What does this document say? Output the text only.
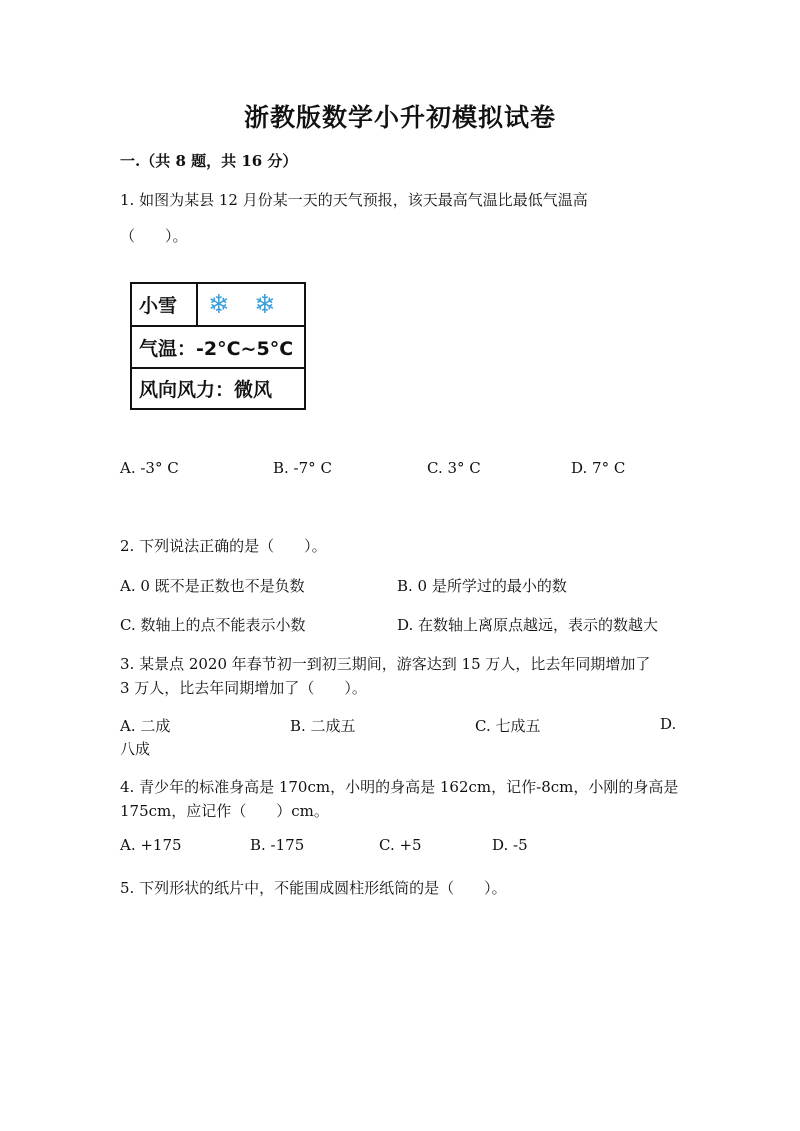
浙教版数学小升初模拟试卷
一.（共 8 题，共 16 分）
1. 如图为某县 12 月份某一天的天气预报，该天最高气温比最低气温高
（　　）。
小雪 ❄ ❄
气温：-2°C~5°C
风向风力：微风
A. -3° C	B. -7° C	C. 3° C	D. 7° C
2. 下列说法正确的是（　　）。
A. 0 既不是正数也不是负数	B. 0 是所学过的最小的数
C. 数轴上的点不能表示小数	D. 在数轴上离原点越远，表示的数越大
3. 某景点 2020 年春节初一到初三期间，游客达到 15 万人，比去年同期增加了
3 万人，比去年同期增加了（　　）。
A. 二成	B. 二成五	C. 七成五	D.
八成
4. 青少年的标准身高是 170cm，小明的身高是 162cm，记作-8cm，小刚的身高是
175cm，应记作（　　）cm。
A. +175	B. -175	C. +5	D. -5
5. 下列形状的纸片中，不能围成圆柱形纸筒的是（　　）。
